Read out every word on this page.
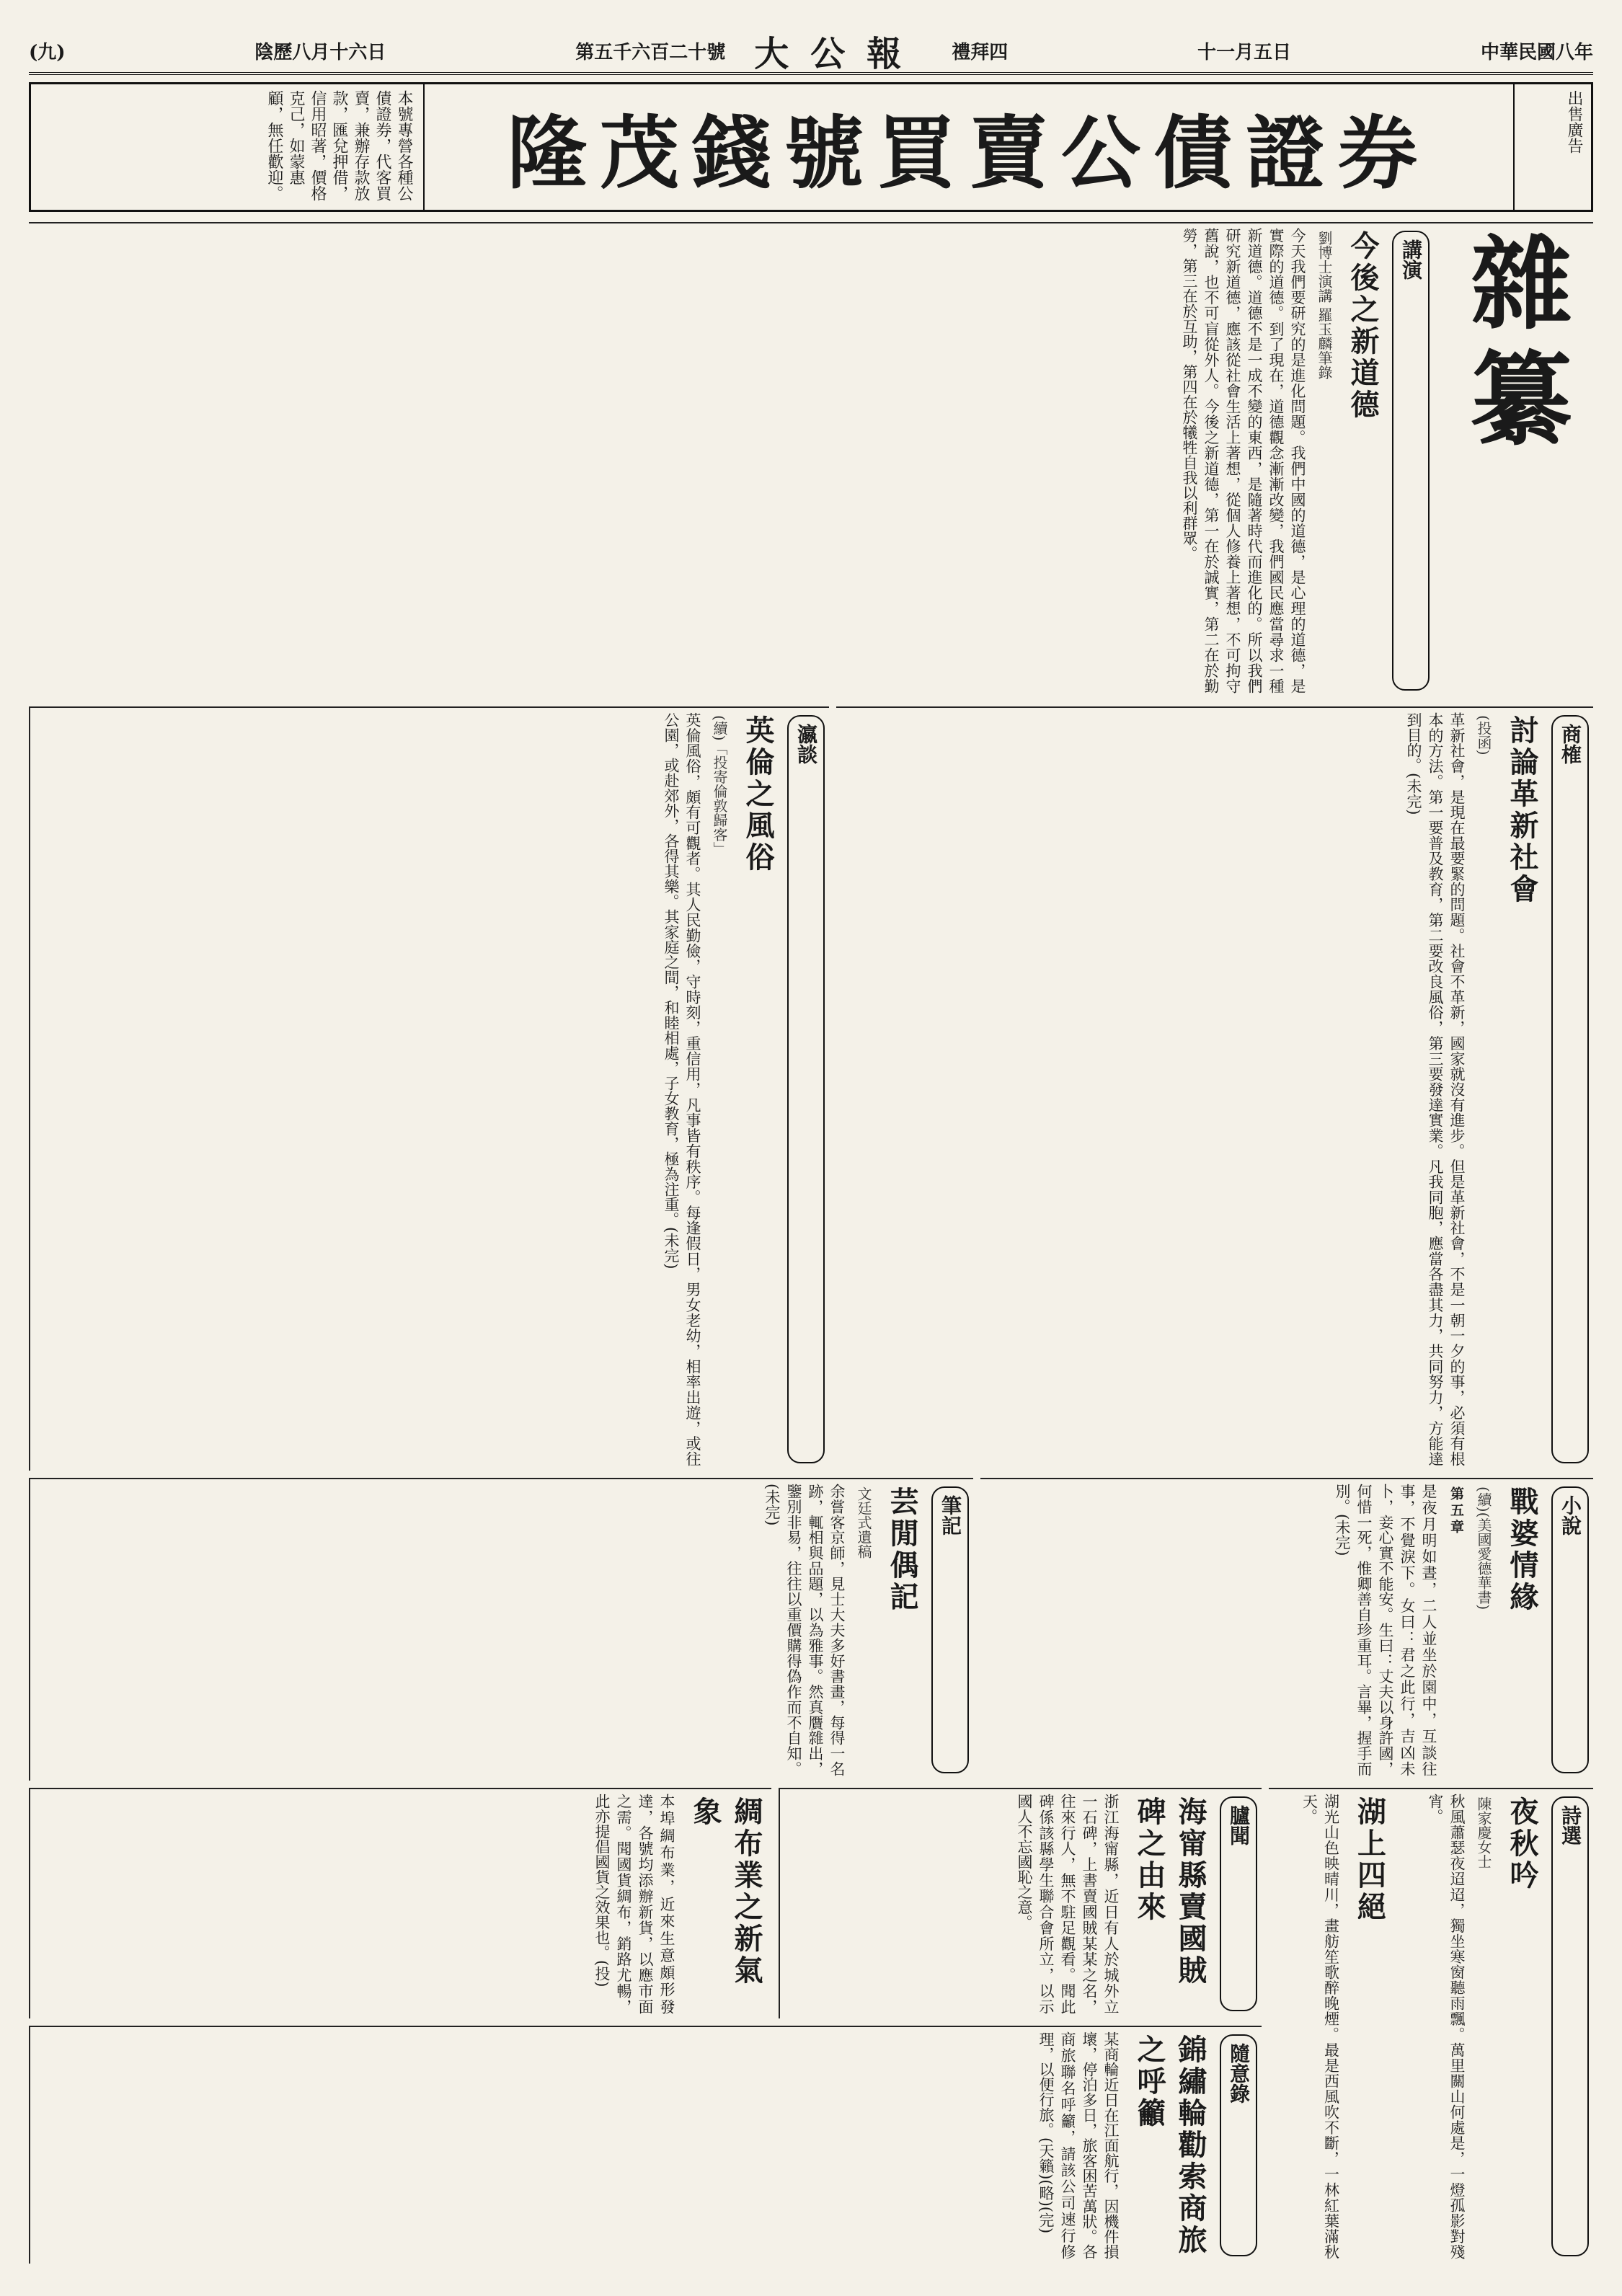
(九)	陰歷八月十六日	第五千六百二十號 大公報 禮拜四	十一月五日	中華民國八年
本號專營各種公債證券，代客買賣，兼辦存款放款，匯兌押借，信用昭著，價格克己，如蒙惠顧，無任歡迎。	隆茂錢號買賣公債證券	出售廣告
雜纂
講演
今後之新道德
劉博士演講 羅玉麟筆錄
今天我們要研究的是進化問題。我們中國的道德，是心理的道德，是實際的道德。到了現在，道德觀念漸漸改變，我們國民應當尋求一種新道德。道德不是一成不變的東西，是隨著時代而進化的。所以我們研究新道德，應該從社會生活上著想，從個人修養上著想，不可拘守舊說，也不可盲從外人。今後之新道德，第一在於誠實，第二在於勤勞，第三在於互助，第四在於犧牲自我以利群眾。
商榷
討論革新社會
(投函)
革新社會，是現在最要緊的問題。社會不革新，國家就沒有進步。但是革新社會，不是一朝一夕的事，必須有根本的方法。第一要普及教育，第二要改良風俗，第三要發達實業。凡我同胞，應當各盡其力，共同努力，方能達到目的。(未完)
瀛談
英倫之風俗
(續)「投寄倫敦歸客」
英倫風俗，頗有可觀者。其人民勤儉，守時刻，重信用，凡事皆有秩序。每逢假日，男女老幼，相率出遊，或往公園，或赴郊外，各得其樂。其家庭之間，和睦相處，子女教育，極為注重。(未完)
小說
戰婆情緣
(續)(美國愛德華書)
第五章
是夜月明如晝，二人並坐於園中，互談往事，不覺淚下。女曰：君之此行，吉凶未卜，妾心實不能安。生曰：丈夫以身許國，何惜一死，惟卿善自珍重耳。言畢，握手而別。(未完)
筆記
芸閒偶記
文廷式遺稿
余嘗客京師，見士大夫多好書畫，每得一名跡，輒相與品題，以為雅事。然真贋雜出，鑒別非易，往往以重價購得偽作而不自知。(未完)
詩選
夜秋吟
陳家慶女士
秋風蕭瑟夜迢迢，獨坐寒窗聽雨飄。萬里關山何處是，一燈孤影對殘宵。
湖上四絕
湖光山色映晴川，畫舫笙歌醉晚煙。最是西風吹不斷，一林紅葉滿秋天。
臚聞
海甯縣賣國賊碑之由來
浙江海甯縣，近日有人於城外立一石碑，上書賣國賊某某之名，往來行人，無不駐足觀看。聞此碑係該縣學生聯合會所立，以示國人不忘國恥之意。
綢布業之新氣象
本埠綢布業，近來生意頗形發達，各號均添辦新貨，以應市面之需。聞國貨綢布，銷路尤暢，此亦提倡國貨之效果也。(投)
隨意錄
錦繡輪勸索商旅之呼籲
某商輪近日在江面航行，因機件損壞，停泊多日，旅客困苦萬狀。各商旅聯名呼籲，請該公司速行修理，以便行旅。(天籟)(略)(完)
